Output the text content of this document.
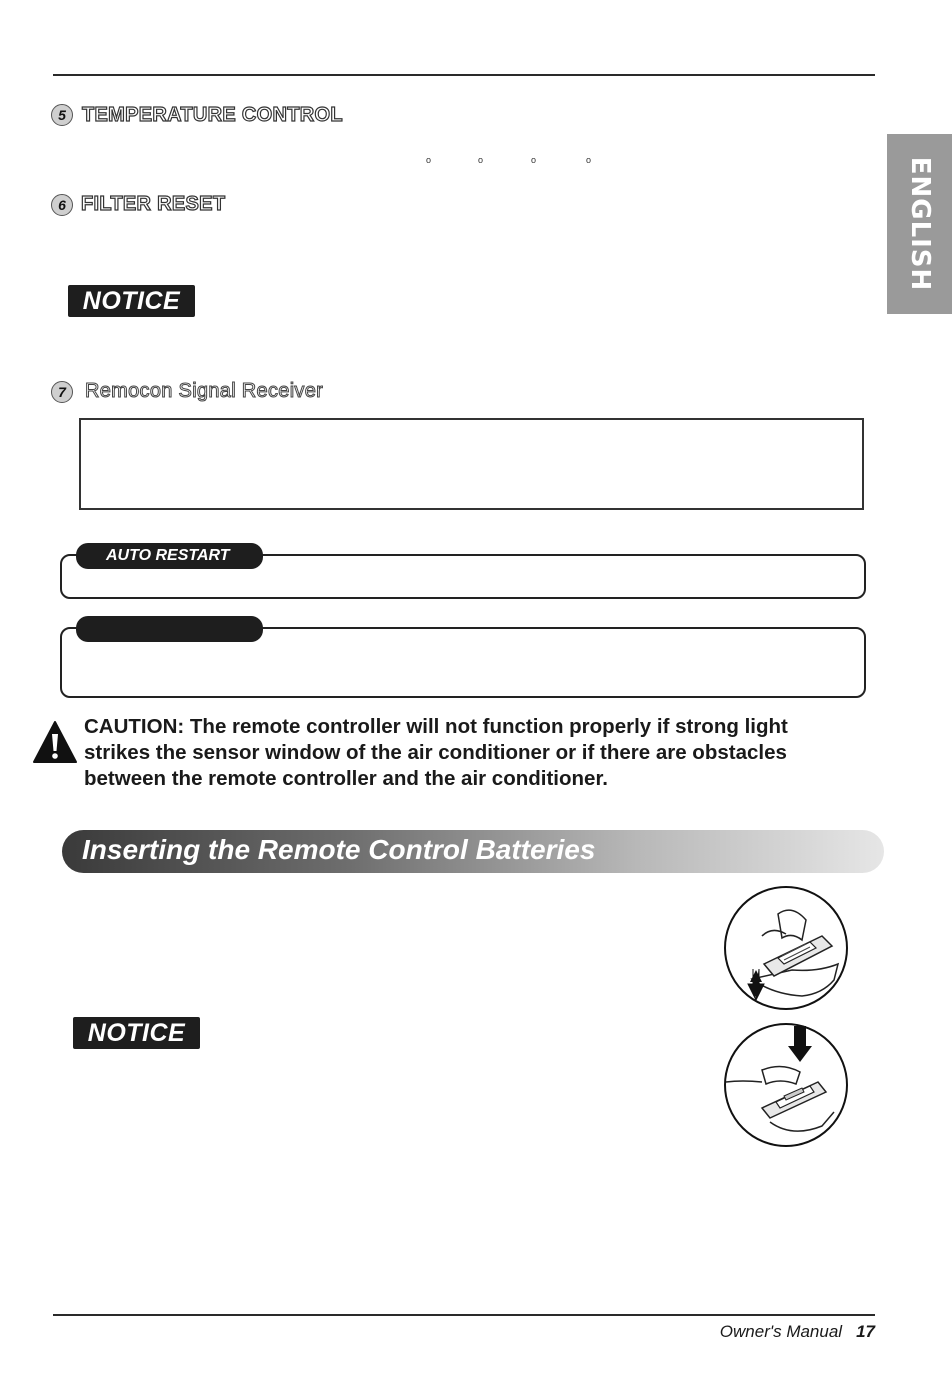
ENGLISH
5 TEMPERATURE CONTROL
o	o	o	o
6 FILTER RESET
NOTICE
7 Remocon Signal Receiver
AUTO RESTART
CAUTION: The remote controller will not function properly if strong light strikes the sensor window of the air conditioner or if there are obstacles between the remote controller and the air conditioner.
Inserting the Remote Control Batteries
NOTICE
Owner's Manual 17
